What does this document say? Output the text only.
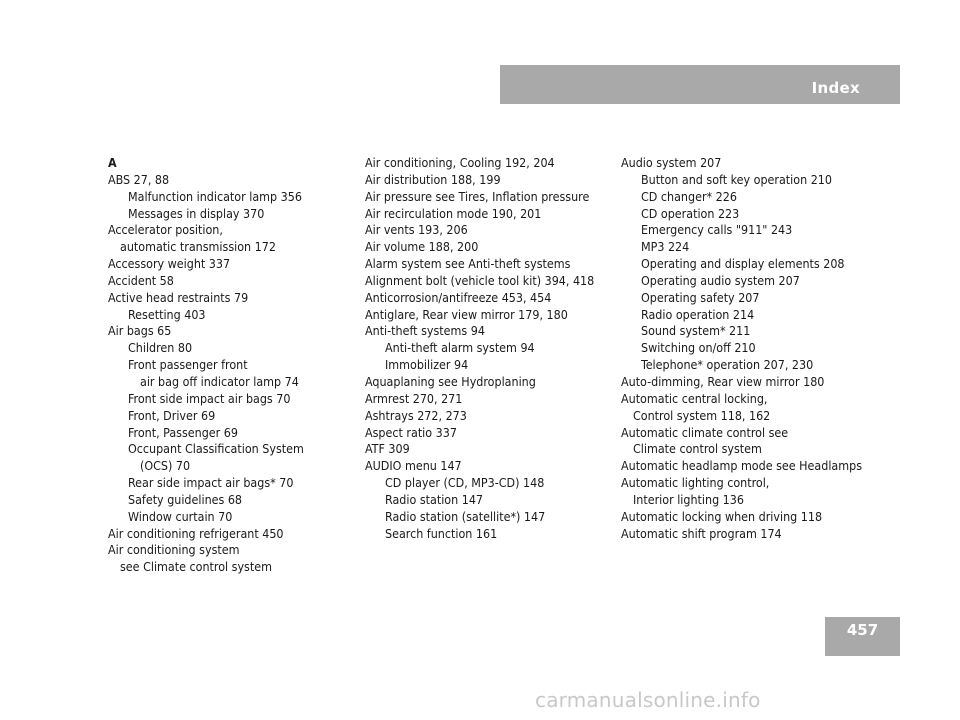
Index
A
ABS 27, 88
Malfunction indicator lamp 356
Messages in display 370
Accelerator position,
automatic transmission 172
Accessory weight 337
Accident 58
Active head restraints 79
Resetting 403
Air bags 65
Children 80
Front passenger front
air bag off indicator lamp 74
Front side impact air bags 70
Front, Driver 69
Front, Passenger 69
Occupant Classification System
(OCS) 70
Rear side impact air bags* 70
Safety guidelines 68
Window curtain 70
Air conditioning refrigerant 450
Air conditioning system
see Climate control system
Air conditioning, Cooling 192, 204
Air distribution 188, 199
Air pressure see Tires, Inflation pressure
Air recirculation mode 190, 201
Air vents 193, 206
Air volume 188, 200
Alarm system see Anti-theft systems
Alignment bolt (vehicle tool kit) 394, 418
Anticorrosion/antifreeze 453, 454
Antiglare, Rear view mirror 179, 180
Anti-theft systems 94
Anti-theft alarm system 94
Immobilizer 94
Aquaplaning see Hydroplaning
Armrest 270, 271
Ashtrays 272, 273
Aspect ratio 337
ATF 309
AUDIO menu 147
CD player (CD, MP3-CD) 148
Radio station 147
Radio station (satellite*) 147
Search function 161
Audio system 207
Button and soft key operation 210
CD changer* 226
CD operation 223
Emergency calls "911" 243
MP3 224
Operating and display elements 208
Operating audio system 207
Operating safety 207
Radio operation 214
Sound system* 211
Switching on/off 210
Telephone* operation 207, 230
Auto-dimming, Rear view mirror 180
Automatic central locking,
Control system 118, 162
Automatic climate control see
Climate control system
Automatic headlamp mode see Headlamps
Automatic lighting control,
Interior lighting 136
Automatic locking when driving 118
Automatic shift program 174
457
carmanualsonline.info
